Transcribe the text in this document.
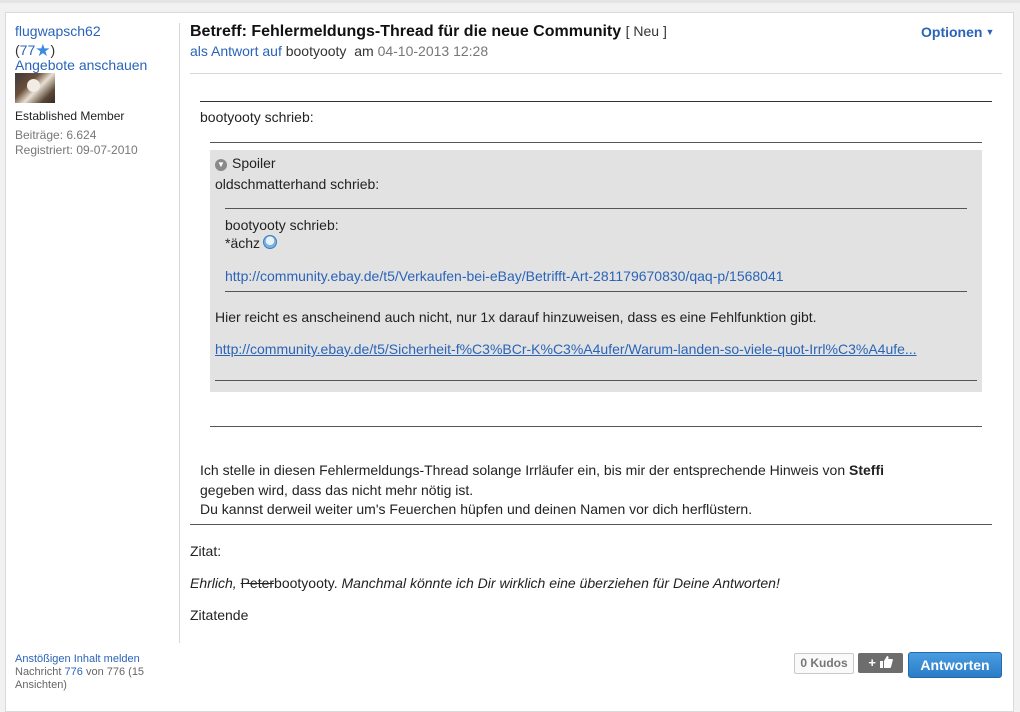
flugwapsch62
(77★)
Angebote anschauen
Established Member
Beiträge: 6.624
Registriert: 09-07-2010
Anstößigen Inhalt melden
Nachricht 776 von 776 (15 Ansichten)
Betreff: Fehlermeldungs-Thread für die neue Community [ Neu ]
als Antwort auf bootyooty am 04-10-2013 12:28
Optionen ▼
bootyooty schrieb:
▼ Spoiler
oldschmatterhand schrieb:
bootyooty schrieb:
*ächz
http://community.ebay.de/t5/Verkaufen-bei-eBay/Betrifft-Art-281179670830/qaq-p/1568041
Hier reicht es anscheinend auch nicht, nur 1x darauf hinzuweisen, dass es eine Fehlfunktion gibt.
http://community.ebay.de/t5/Sicherheit-f%C3%BCr-K%C3%A4ufer/Warum-landen-so-viele-quot-Irrl%C3%A4ufe...
Ich stelle in diesen Fehlermeldungs-Thread solange Irrläufer ein, bis mir der entsprechende Hinweis von Steffi
gegeben wird, dass das nicht mehr nötig ist.
Du kannst derweil weiter um's Feuerchen hüpfen und deinen Namen vor dich herflüstern.
Zitat:
Ehrlich, Peterbootyooty. Manchmal könnte ich Dir wirklich eine überziehen für Deine Antworten!
Zitatende
0 Kudos	+	Antworten
